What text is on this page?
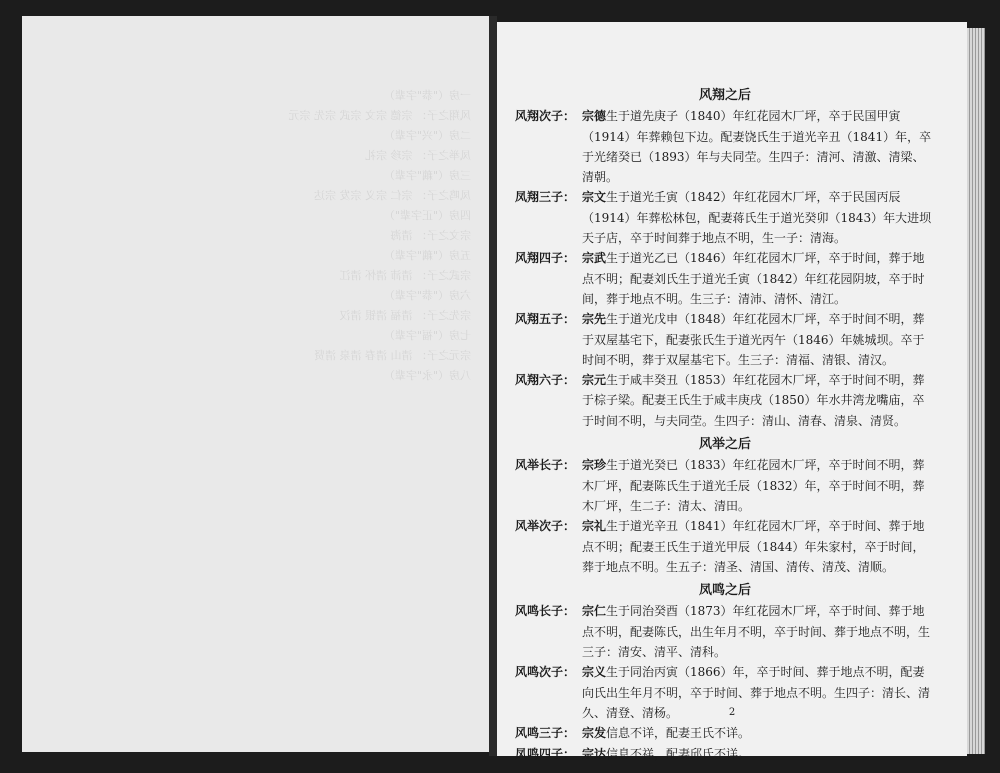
一房（"恭"字辈）
风翔之子： 宗德 宗文 宗武 宗先 宗元
二房（"兴"字辈）
凤举之子： 宗珍 宗礼
三房（"藕"字辈）
凤鸣之子： 宗仁 宗义 宗发 宗达
四房（"正字辈"）
宗文之子： 清海
五房（"藕"字辈）
宗武之子： 清沛 清怀 清江
六房（"恭"字辈）
宗先之子： 清福 清银 清汉
七房（"福"字辈）
宗元之子： 清山 清春 清泉 清贤
八房（"永"字辈）
风翔之后
风翔次子： 宗德生于道先庚子（1840）年红花园木厂坪，卒于民国甲寅（1914）年葬赖包下边。配妻饶氏生于道光辛丑（1841）年，卒于光绪癸已（1893）年与夫同茔。生四子：清河、清激、清梁、清朝。
凤翔三子： 宗文生于道光壬寅（1842）年红花园木厂坪，卒于民国丙辰（1914）年葬松林包，配妻蒋氏生于道光癸卯（1843）年大进坝天子店，卒于时间葬于地点不明，生一子：清海。
风翔四子： 宗武生于道光乙已（1846）年红花园木厂坪，卒于时间，葬于地点不明；配妻刘氏生于道光壬寅（1842）年红花园阴坡，卒于时间，葬于地点不明。生三子：清沛、清怀、清江。
风翔五子： 宗先生于道光戊申（1848）年红花园木厂坪，卒于时间不明，葬于双屋基宅下，配妻张氏生于道光丙午（1846）年姚城坝。卒于时间不明，葬于双屋基宅下。生三子：清福、清银、清汉。
风翔六子： 宗元生于咸丰癸丑（1853）年红花园木厂坪，卒于时间不明，葬于棕子梁。配妻王氏生于咸丰庚戌（1850）年水井湾龙嘴庙，卒于时间不明，与夫同茔。生四子：清山、清春、清泉、清贤。
风举之后
风举长子： 宗珍生于道光癸已（1833）年红花园木厂坪，卒于时间不明，葬木厂坪，配妻陈氏生于道光壬辰（1832）年，卒于时间不明，葬木厂坪，生二子：清太、清田。
风举次子： 宗礼生于道光辛丑（1841）年红花园木厂坪，卒于时间、葬于地点不明；配妻王氏生于道光甲辰（1844）年朱家村，卒于时间，葬于地点不明。生五子：清圣、清国、清传、清茂、清顺。
凤鸣之后
风鸣长子： 宗仁生于同治癸酉（1873）年红花园木厂坪，卒于时间、葬于地点不明，配妻陈氏，出生年月不明，卒于时间、葬于地点不明，生三子：清安、清平、清科。
风鸣次子： 宗义生于同治丙寅（1866）年，卒于时间、葬于地点不明，配妻向氏出生年月不明，卒于时间、葬于地点不明。生四子：清长、清久、清登、清杨。
风鸣三子： 宗发信息不详，配妻王氏不详。
凤鸣四子： 宗达信息不祥，配妻邱氏不详。
2
